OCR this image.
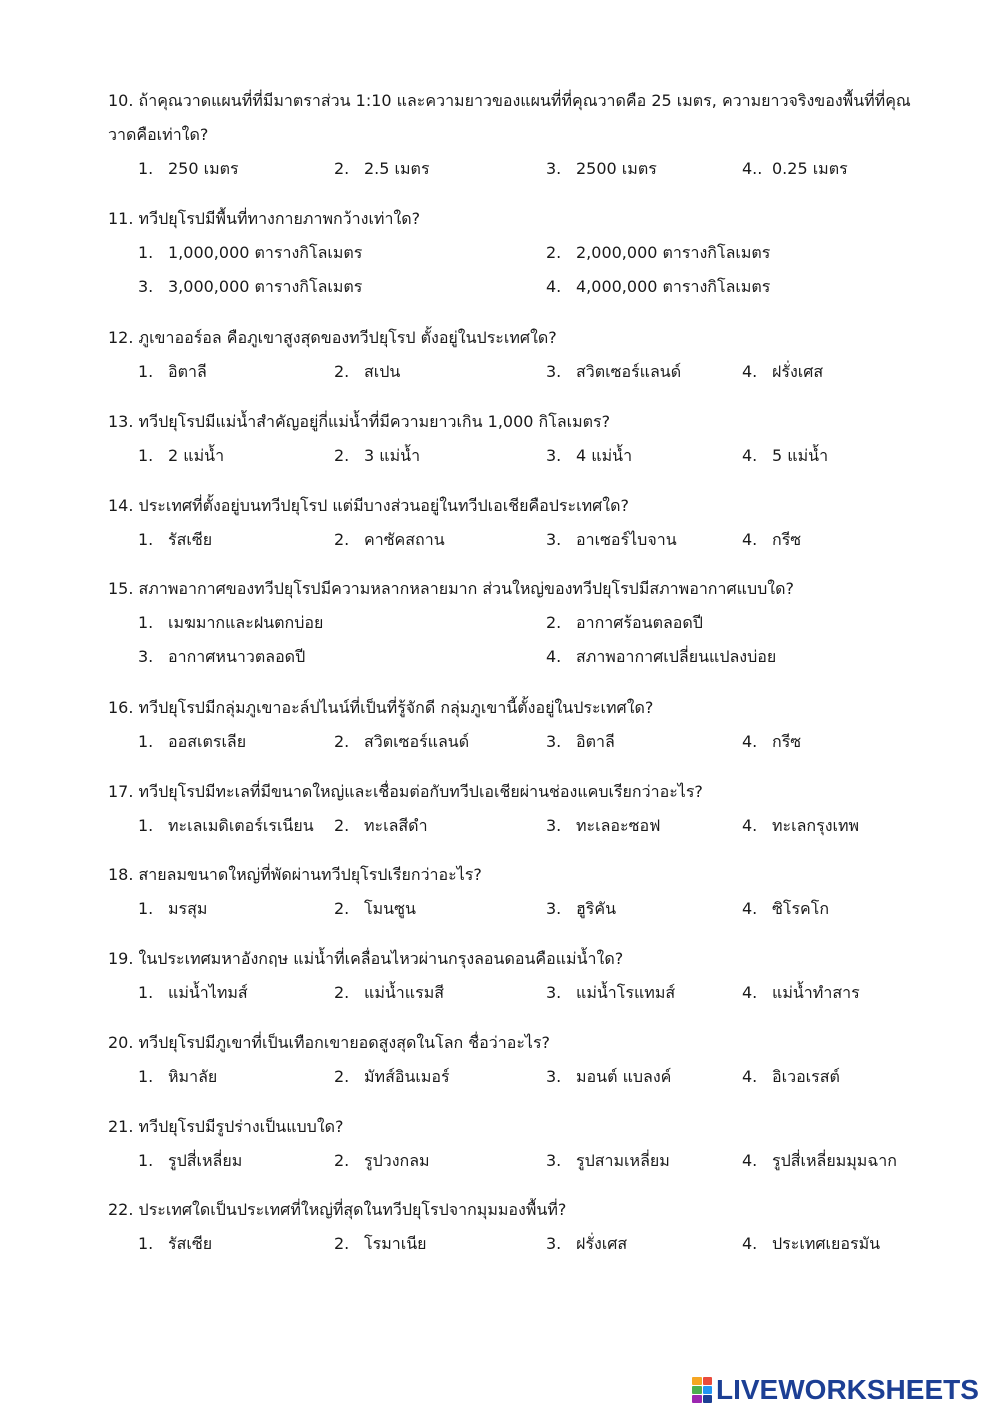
10. ถ้าคุณวาดแผนที่ที่มีมาตราส่วน 1:10 และความยาวของแผนที่ที่คุณวาดคือ 25 เมตร, ความยาวจริงของพื้นที่ที่คุณ
วาดคือเท่าใด?
1. 250 เมตร	2. 2.5 เมตร	3. 2500 เมตร	4.. 0.25 เมตร
11. ทวีปยุโรปมีพื้นที่ทางกายภาพกว้างเท่าใด?
1. 1,000,000 ตารางกิโลเมตร	2. 2,000,000 ตารางกิโลเมตร
3. 3,000,000 ตารางกิโลเมตร	4. 4,000,000 ตารางกิโลเมตร
12. ภูเขาออร์อล คือภูเขาสูงสุดของทวีปยุโรป ตั้งอยู่ในประเทศใด?
1. อิตาลี	2. สเปน	3. สวิตเซอร์แลนด์	4. ฝรั่งเศส
13. ทวีปยุโรปมีแม่น้ำสำคัญอยู่กี่แม่น้ำที่มีความยาวเกิน 1,000 กิโลเมตร?
1. 2 แม่น้ำ	2. 3 แม่น้ำ	3. 4 แม่น้ำ	4. 5 แม่น้ำ
14. ประเทศที่ตั้งอยู่บนทวีปยุโรป แต่มีบางส่วนอยู่ในทวีปเอเชียคือประเทศใด?
1. รัสเซีย	2. คาซัคสถาน	3. อาเซอร์ไบจาน	4. กรีซ
15. สภาพอากาศของทวีปยุโรปมีความหลากหลายมาก ส่วนใหญ่ของทวีปยุโรปมีสภาพอากาศแบบใด?
1. เมฆมากและฝนตกบ่อย	2. อากาศร้อนตลอดปี
3. อากาศหนาวตลอดปี	4. สภาพอากาศเปลี่ยนแปลงบ่อย
16. ทวีปยุโรปมีกลุ่มภูเขาอะล์ปไนน์ที่เป็นที่รู้จักดี กลุ่มภูเขานี้ตั้งอยู่ในประเทศใด?
1. ออสเตรเลีย	2. สวิตเซอร์แลนด์	3. อิตาลี	4. กรีซ
17. ทวีปยุโรปมีทะเลที่มีขนาดใหญ่และเชื่อมต่อกับทวีปเอเชียผ่านช่องแคบเรียกว่าอะไร?
1. ทะเลเมดิเตอร์เรเนียน 2. ทะเลสีดำ	3. ทะเลอะซอฟ	4. ทะเลกรุงเทพ
18. สายลมขนาดใหญ่ที่พัดผ่านทวีปยุโรปเรียกว่าอะไร?
1. มรสุม	2. โมนซูน	3. ฮูริคัน	4. ซิโรคโก
19. ในประเทศมหาอังกฤษ แม่น้ำที่เคลื่อนไหวผ่านกรุงลอนดอนคือแม่น้ำใด?
1. แม่น้ำไทมส์	2. แม่น้ำแรมสี	3. แม่น้ำโรแทมส์	4. แม่น้ำทำสาร
20. ทวีปยุโรปมีภูเขาที่เป็นเทือกเขายอดสูงสุดในโลก ชื่อว่าอะไร?
1. หิมาลัย	2. มัทส์อินเมอร์	3. มอนต์ แบลงค์	4. อิเวอเรสต์
21. ทวีปยุโรปมีรูปร่างเป็นแบบใด?
1. รูปสี่เหลี่ยม	2. รูปวงกลม	3. รูปสามเหลี่ยม	4. รูปสี่เหลี่ยมมุมฉาก
22. ประเทศใดเป็นประเทศที่ใหญ่ที่สุดในทวีปยุโรปจากมุมมองพื้นที่?
1. รัสเซีย	2. โรมาเนีย	3. ฝรั่งเศส	4. ประเทศเยอรมัน
LIVEWORKSHEETS
